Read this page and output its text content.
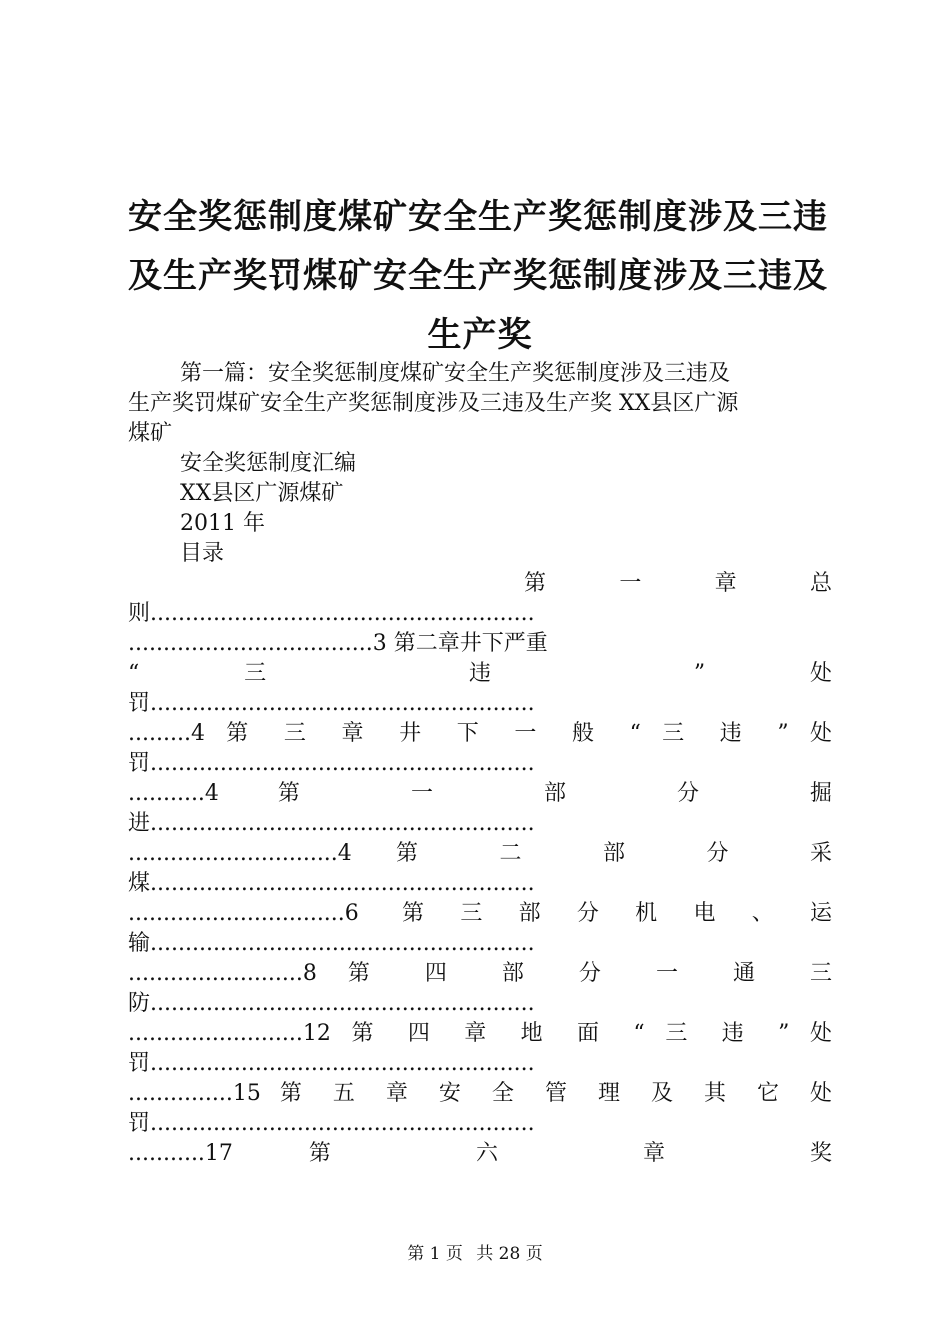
安全奖惩制度煤矿安全生产奖惩制度涉及三违
及生产奖罚煤矿安全生产奖惩制度涉及三违及
生产奖
第一篇：安全奖惩制度煤矿安全生产奖惩制度涉及三违及
生产奖罚煤矿安全生产奖惩制度涉及三违及生产奖 XX县区广源
煤矿
安全奖惩制度汇编
XX县区广源煤矿
2011 年
目录
第 一 章 总
则.......................................................
...................................3 第二章井下严重
“ 三 违 ” 处
罚.......................................................
.........4 第 三 章 井 下 一 般 “ 三 违 ” 处
罚.......................................................
...........4 第 一 部 分 掘
进.......................................................
..............................4 第 二 部 分 采
煤.......................................................
...............................6 第三部分机电、运
输.......................................................
.........................8 第 四 部 分 一 通 三
防.......................................................
.........................12 第 四 章 地 面 “ 三 违 ” 处
罚.......................................................
...............15 第 五 章 安 全 管 理 及 其 它 处
罚.......................................................
...........17 第 六 章 奖
第 1 页 共 28 页
